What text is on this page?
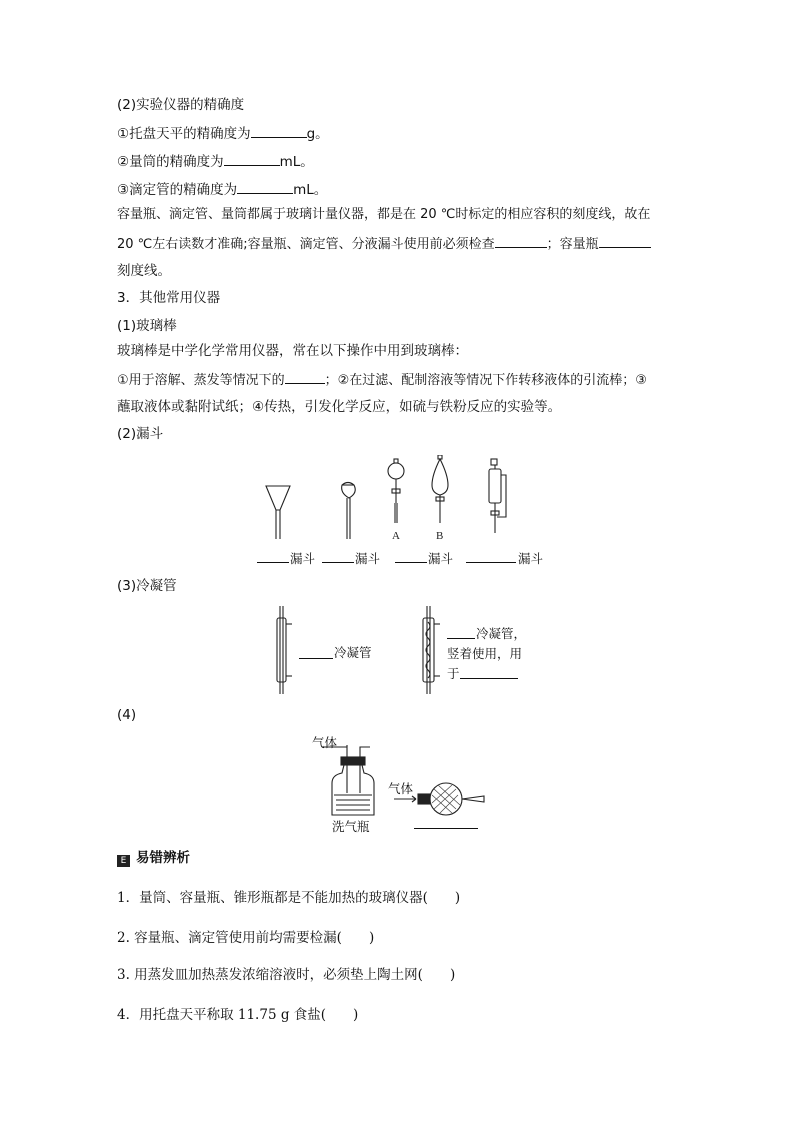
(2)实验仪器的精确度
①托盘天平的精确度为	g。
②量筒的精确度为	mL。
③滴定管的精确度为	mL。
容量瓶、滴定管、量筒都属于玻璃计量仪器，都是在 20 ℃时标定的相应容积的刻度线，故在
20 ℃左右读数才准确;容量瓶、滴定管、分液漏斗使用前必须检查	；容量瓶
刻度线。
3．其他常用仪器
(1)玻璃棒
玻璃棒是中学化学常用仪器，常在以下操作中用到玻璃棒：
①用于溶解、蒸发等情况下的	；②在过滤、配制溶液等情况下作转移液体的引流棒；③
蘸取液体或黏附试纸；④传热，引发化学反应，如硫与铁粉反应的实验等。
(2)漏斗
A	B
漏斗	漏斗	漏斗	漏斗
(3)冷凝管
冷凝管
冷凝管，
竖着使用，用
于
(4)
气体
气体
洗气瓶
E 易错辨析
1．量筒、容量瓶、锥形瓶都是不能加热的玻璃仪器(　　)
2. 容量瓶、滴定管使用前均需要检漏(　　)
3. 用蒸发皿加热蒸发浓缩溶液时，必须垫上陶土网(　　)
4．用托盘天平称取 11.75 g 食盐(　　)
